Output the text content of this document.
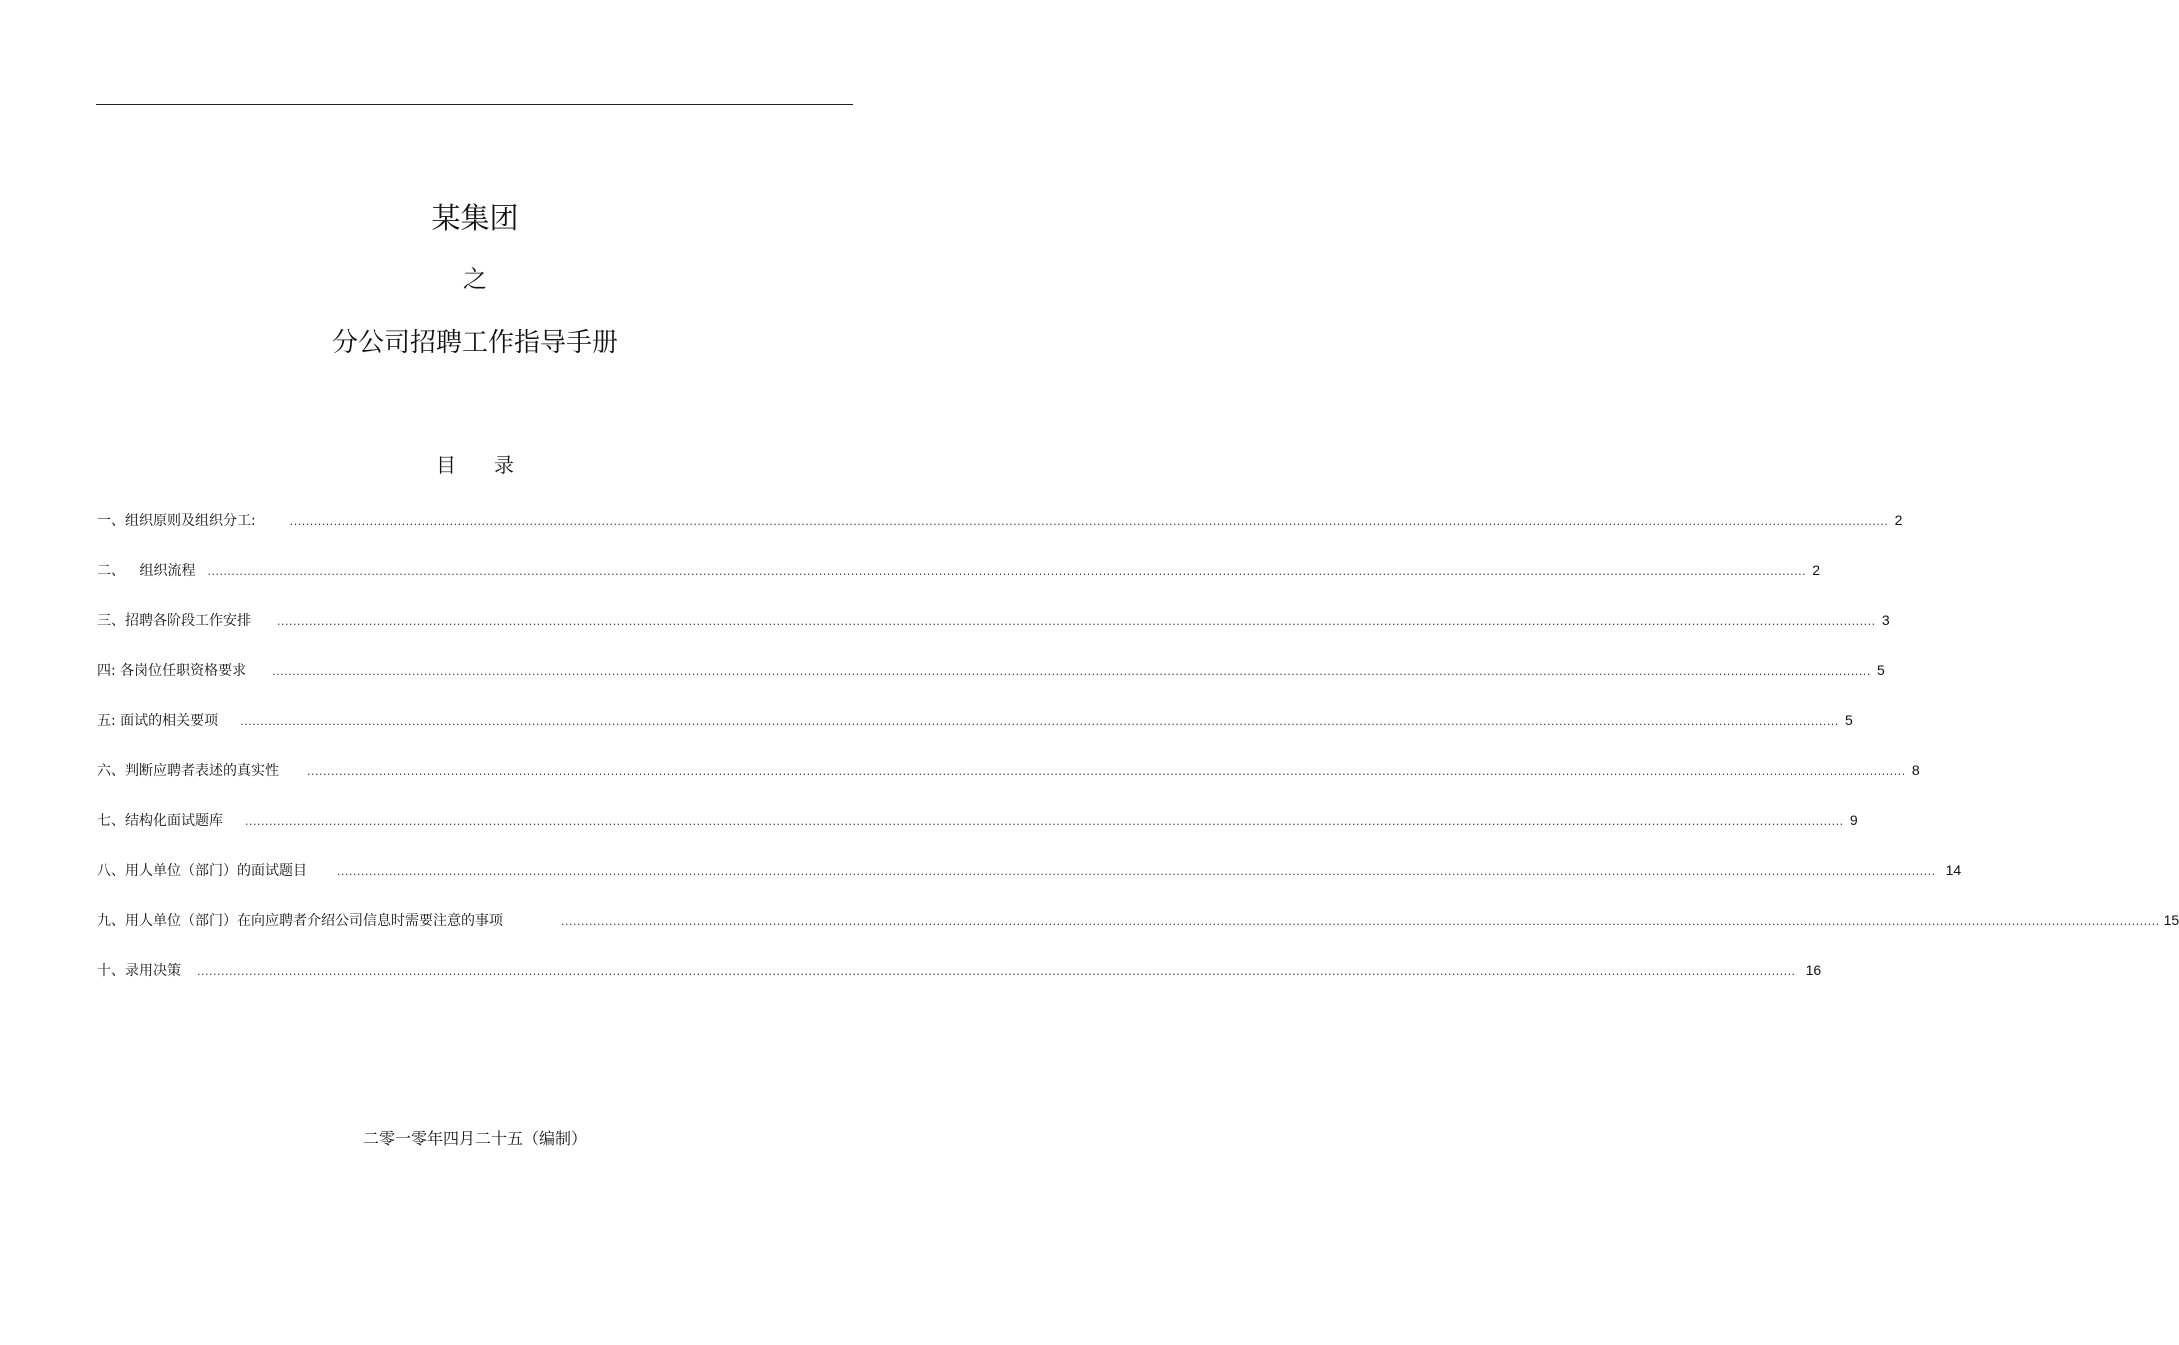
某集团
之
分公司招聘工作指导手册
目录
一、组织原则及组织分工:	................................................................................................................................................................................................................................................................................................................................................................................................................ 2
二、 组织流程 ................................................................................................................................................................................................................................................................................................................................................................................................................ 2
三、招聘各阶段工作安排 ................................................................................................................................................................................................................................................................................................................................................................................................................ 3
四: 各岗位任职资格要求 ................................................................................................................................................................................................................................................................................................................................................................................................................ 5
五: 面试的相关要项 ................................................................................................................................................................................................................................................................................................................................................................................................................ 5
六、判断应聘者表述的真实性	................................................................................................................................................................................................................................................................................................................................................................................................................ 8
七、结构化面试题库 ................................................................................................................................................................................................................................................................................................................................................................................................................ 9
八、用人单位（部门）的面试题目	................................................................................................................................................................................................................................................................................................................................................................................................................ 14
九、用人单位（部门）在向应聘者介绍公司信息时需要注意的事项	................................................................................................................................................................................................................................................................................................................................................................................................................ 15
十、录用决策 ................................................................................................................................................................................................................................................................................................................................................................................................................ 16
二零一零年四月二十五（编制）
